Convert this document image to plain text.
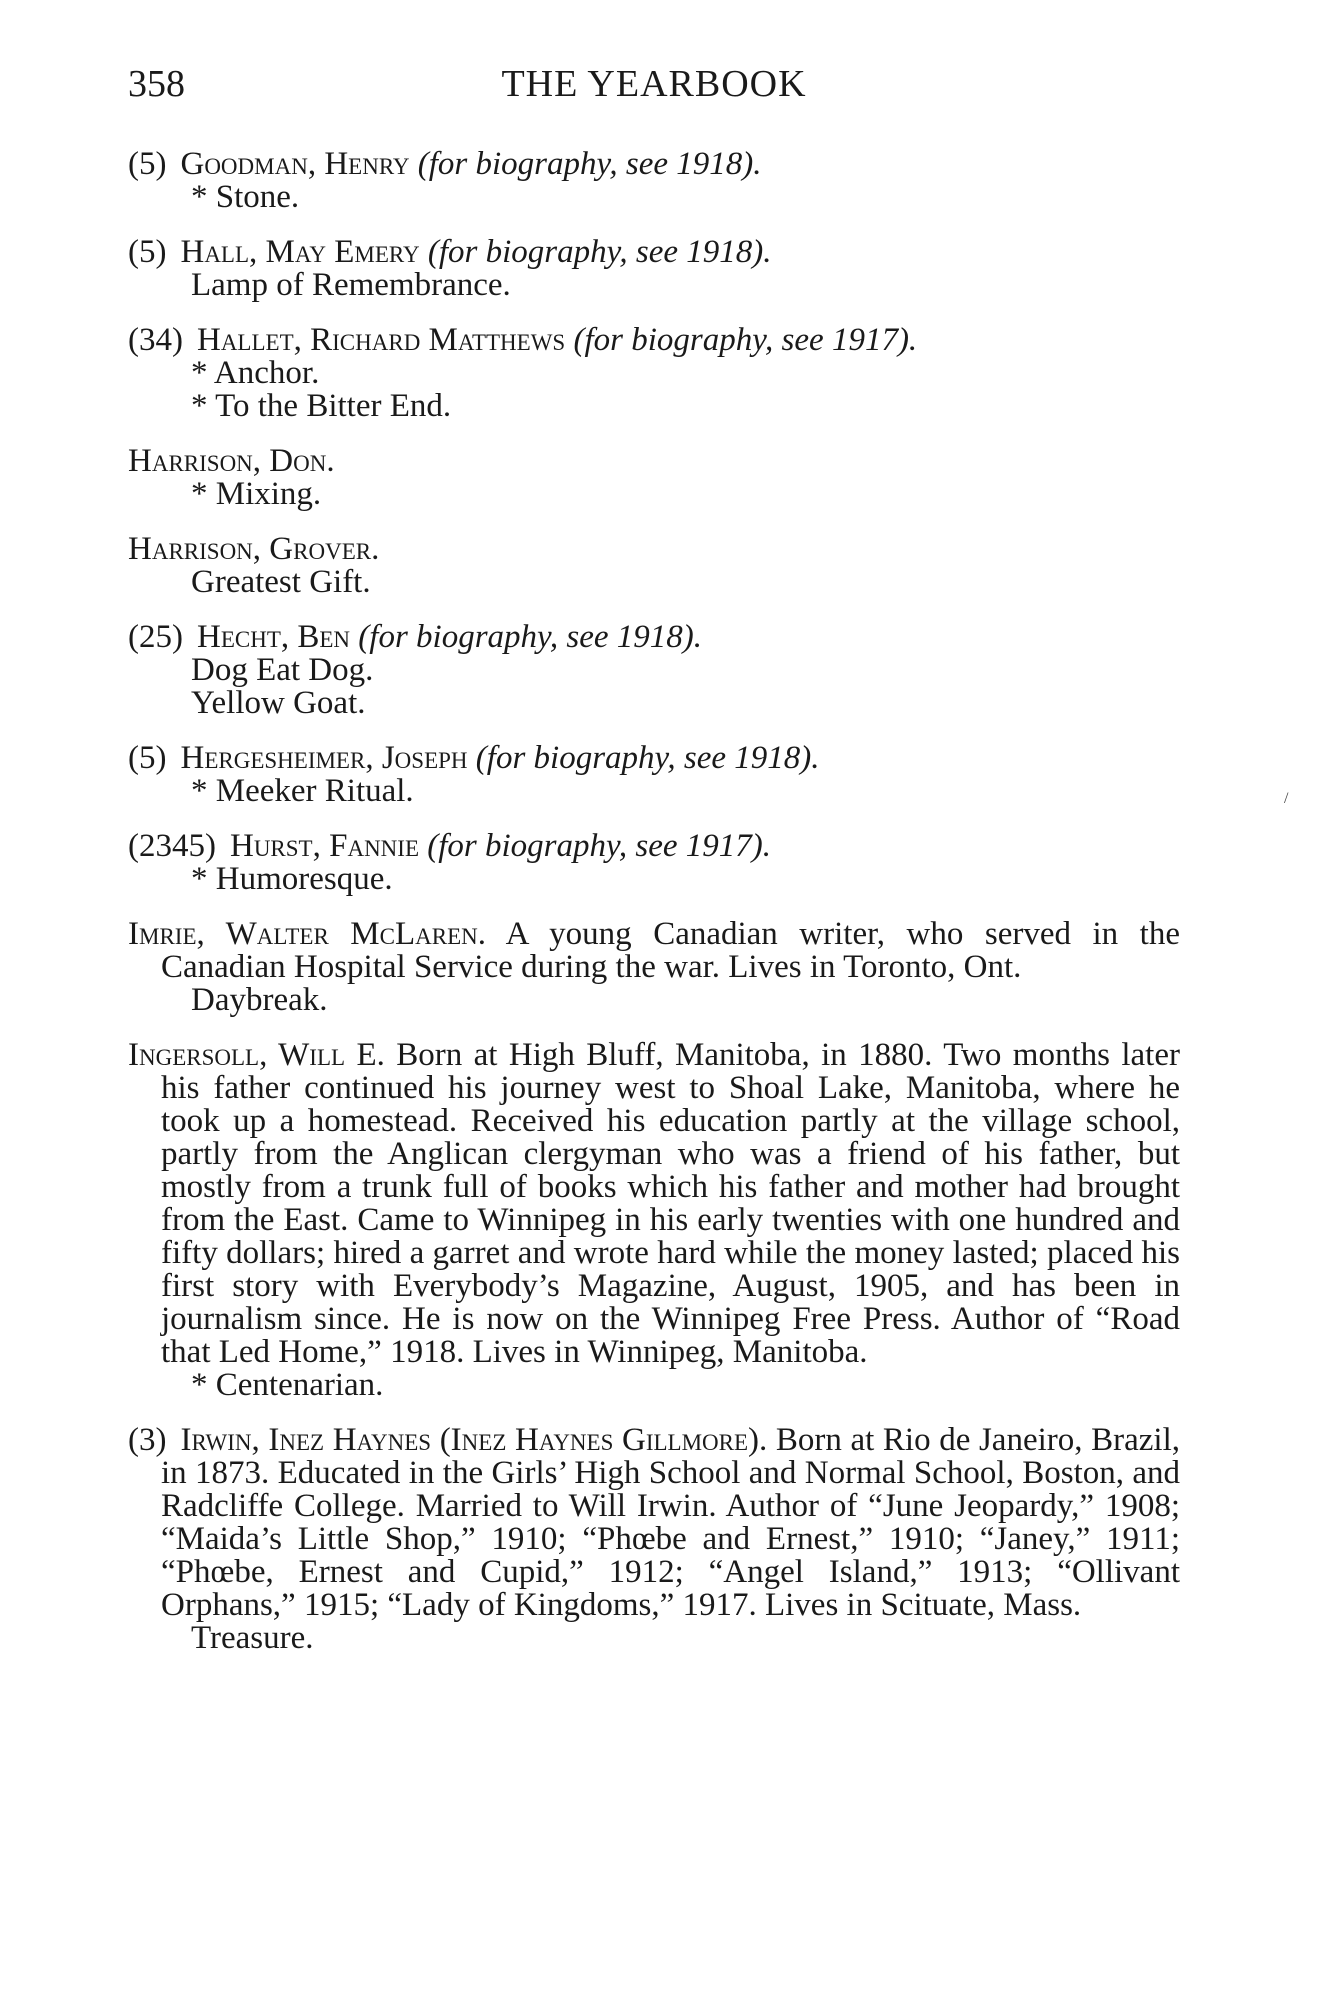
358	THE YEARBOOK

(5) Goodman, Henry (for biography, see 1918).

* Stone.

(5) Hall, May Emery (for biography, see 1918).

Lamp of Remembrance.

(34) Hallet, Richard Matthews (for biography, see 1917).

* Anchor.

* To the Bitter End.

Harrison, Don.

* Mixing.

Harrison, Grover.

Greatest Gift.

(25) Hecht, Ben (for biography, see 1918).

Dog Eat Dog.

Yellow Goat.

(5) Hergesheimer, Joseph (for biography, see 1918).

* Meeker Ritual.

(2345) Hurst, Fannie (for biography, see 1917).

* Humoresque.

Imrie, Walter McLaren. A young Canadian writer, who served in the Canadian Hospital Service during the war. Lives in Toronto, Ont.

Daybreak.

Ingersoll, Will E. Born at High Bluff, Manitoba, in 1880. Two months later his father continued his journey west to Shoal Lake, Manitoba, where he took up a homestead. Received his education partly at the village school, partly from the Anglican clergyman who was a friend of his father, but mostly from a trunk full of books which his father and mother had brought from the East. Came to Winnipeg in his early twenties with one hundred and fifty dollars; hired a garret and wrote hard while the money lasted; placed his first story with Everybody’s Magazine, August, 1905, and has been in journalism since. He is now on the Winnipeg Free Press. Author of “Road that Led Home,” 1918. Lives in Winnipeg, Manitoba.

* Centenarian.

(3) Irwin, Inez Haynes (Inez Haynes Gillmore). Born at Rio de Janeiro, Brazil, in 1873. Educated in the Girls’ High School and Normal School, Boston, and Radcliffe College. Married to Will Irwin. Author of “June Jeopardy,” 1908; “Maida’s Little Shop,” 1910; “Phœbe and Ernest,” 1910; “Janey,” 1911; “Phœbe, Ernest and Cupid,” 1912; “Angel Island,” 1913; “Ollivant Orphans,” 1915; “Lady of Kingdoms,” 1917. Lives in Scituate, Mass.

Treasure.

/
